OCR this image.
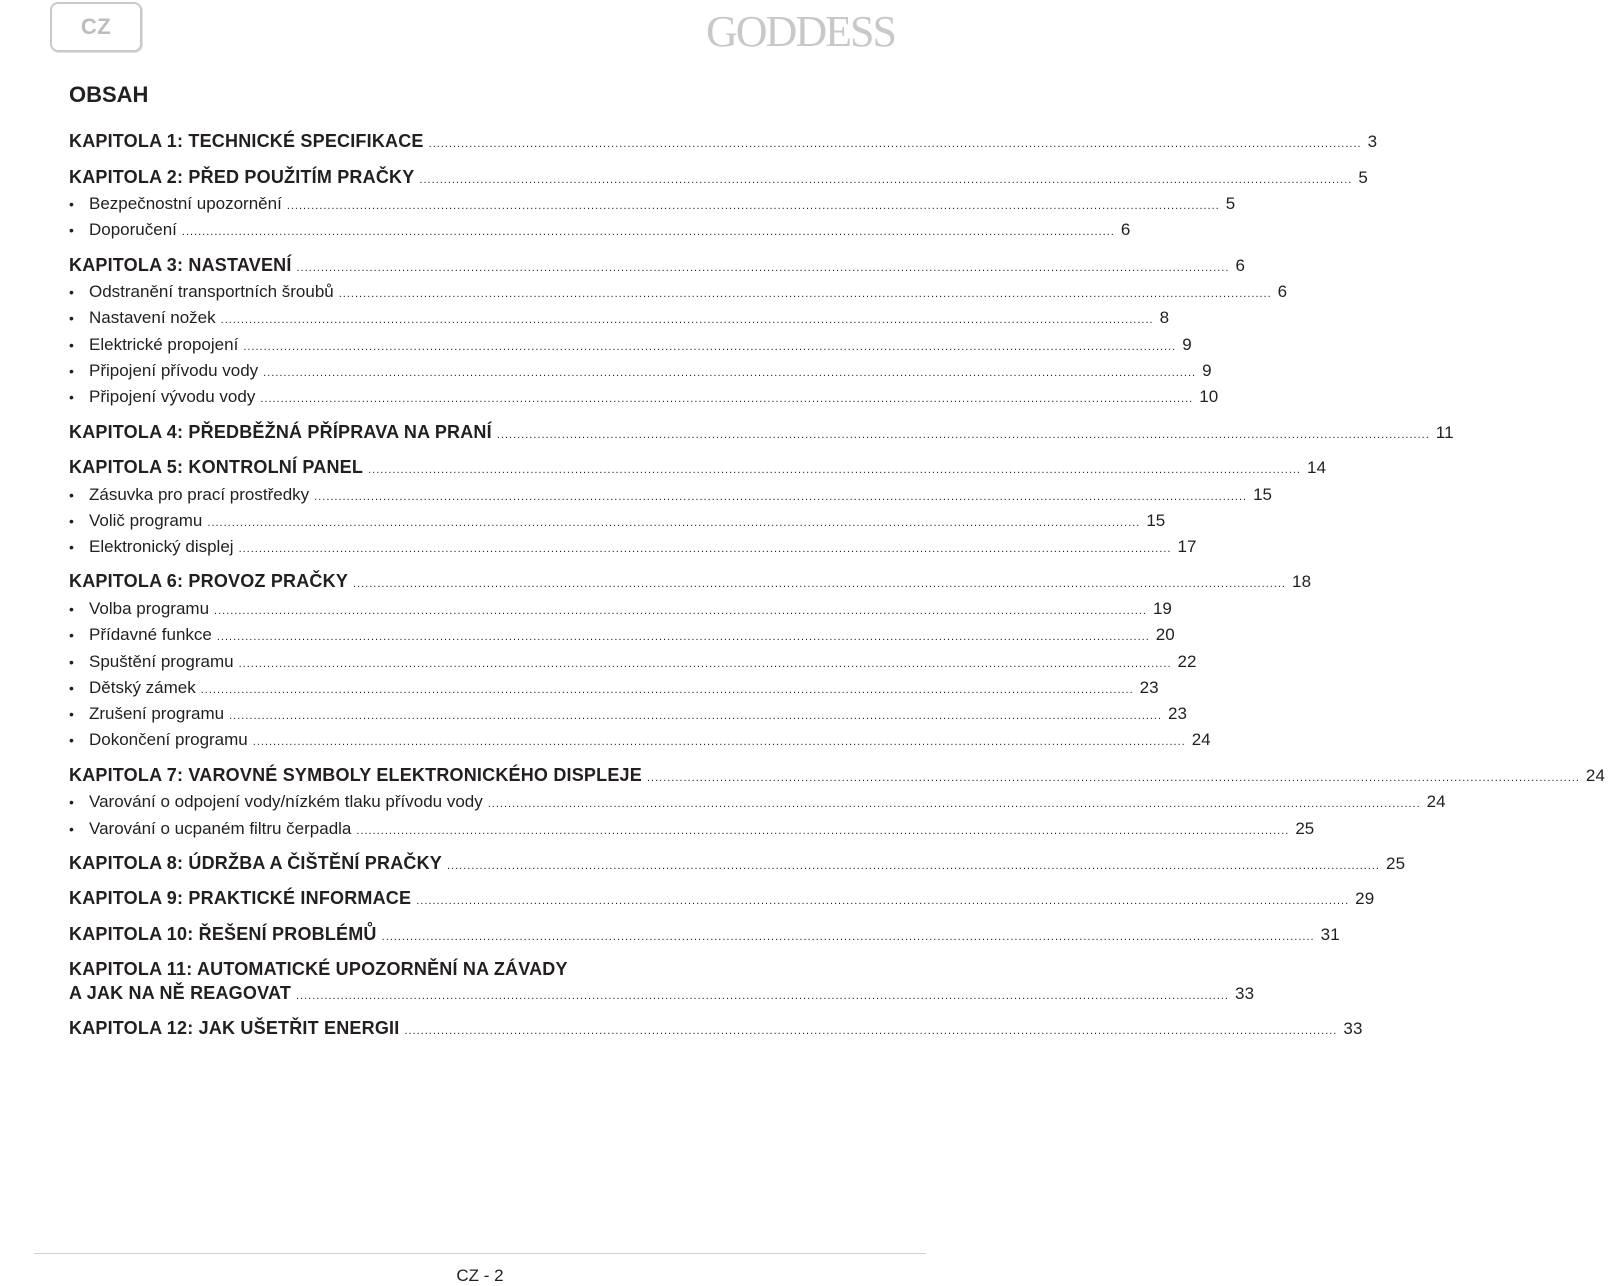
CZ	GODDESS
OBSAH
KAPITOLA 1: TECHNICKÉ SPECIFIKACE ...................................................................................................................................................................................................................................... 3
KAPITOLA 2: PŘED POUŽITÍM PRAČKY ...................................................................................................................................................................................................................................... 5
• Bezpečnostní upozornění ...................................................................................................................................................................................................................................... 5
• Doporučení ...................................................................................................................................................................................................................................... 6
KAPITOLA 3: NASTAVENÍ ...................................................................................................................................................................................................................................... 6
• Odstranění transportních šroubů ...................................................................................................................................................................................................................................... 6
• Nastavení nožek ...................................................................................................................................................................................................................................... 8
• Elektrické propojení ...................................................................................................................................................................................................................................... 9
• Připojení přívodu vody ...................................................................................................................................................................................................................................... 9
• Připojení vývodu vody ...................................................................................................................................................................................................................................... 10
KAPITOLA 4: PŘEDBĚŽNÁ PŘÍPRAVA NA PRANÍ ...................................................................................................................................................................................................................................... 11
KAPITOLA 5: KONTROLNÍ PANEL ...................................................................................................................................................................................................................................... 14
• Zásuvka pro prací prostředky ...................................................................................................................................................................................................................................... 15
• Volič programu ...................................................................................................................................................................................................................................... 15
• Elektronický displej ...................................................................................................................................................................................................................................... 17
KAPITOLA 6: PROVOZ PRAČKY ...................................................................................................................................................................................................................................... 18
• Volba programu ...................................................................................................................................................................................................................................... 19
• Přídavné funkce ...................................................................................................................................................................................................................................... 20
• Spuštění programu ...................................................................................................................................................................................................................................... 22
• Dětský zámek ...................................................................................................................................................................................................................................... 23
• Zrušení programu ...................................................................................................................................................................................................................................... 23
• Dokončení programu ...................................................................................................................................................................................................................................... 24
KAPITOLA 7: VAROVNÉ SYMBOLY ELEKTRONICKÉHO DISPLEJE ...................................................................................................................................................................................................................................... 24
• Varování o odpojení vody/nízkém tlaku přívodu vody ...................................................................................................................................................................................................................................... 24
• Varování o ucpaném filtru čerpadla ...................................................................................................................................................................................................................................... 25
KAPITOLA 8: ÚDRŽBA A ČIŠTĚNÍ PRAČKY ...................................................................................................................................................................................................................................... 25
KAPITOLA 9: PRAKTICKÉ INFORMACE ...................................................................................................................................................................................................................................... 29
KAPITOLA 10: ŘEŠENÍ PROBLÉMŮ ...................................................................................................................................................................................................................................... 31
KAPITOLA 11: AUTOMATICKÉ UPOZORNĚNÍ NA ZÁVADY
A JAK NA NĚ REAGOVAT ...................................................................................................................................................................................................................................... 33
KAPITOLA 12: JAK UŠETŘIT ENERGII ...................................................................................................................................................................................................................................... 33
CZ - 2
